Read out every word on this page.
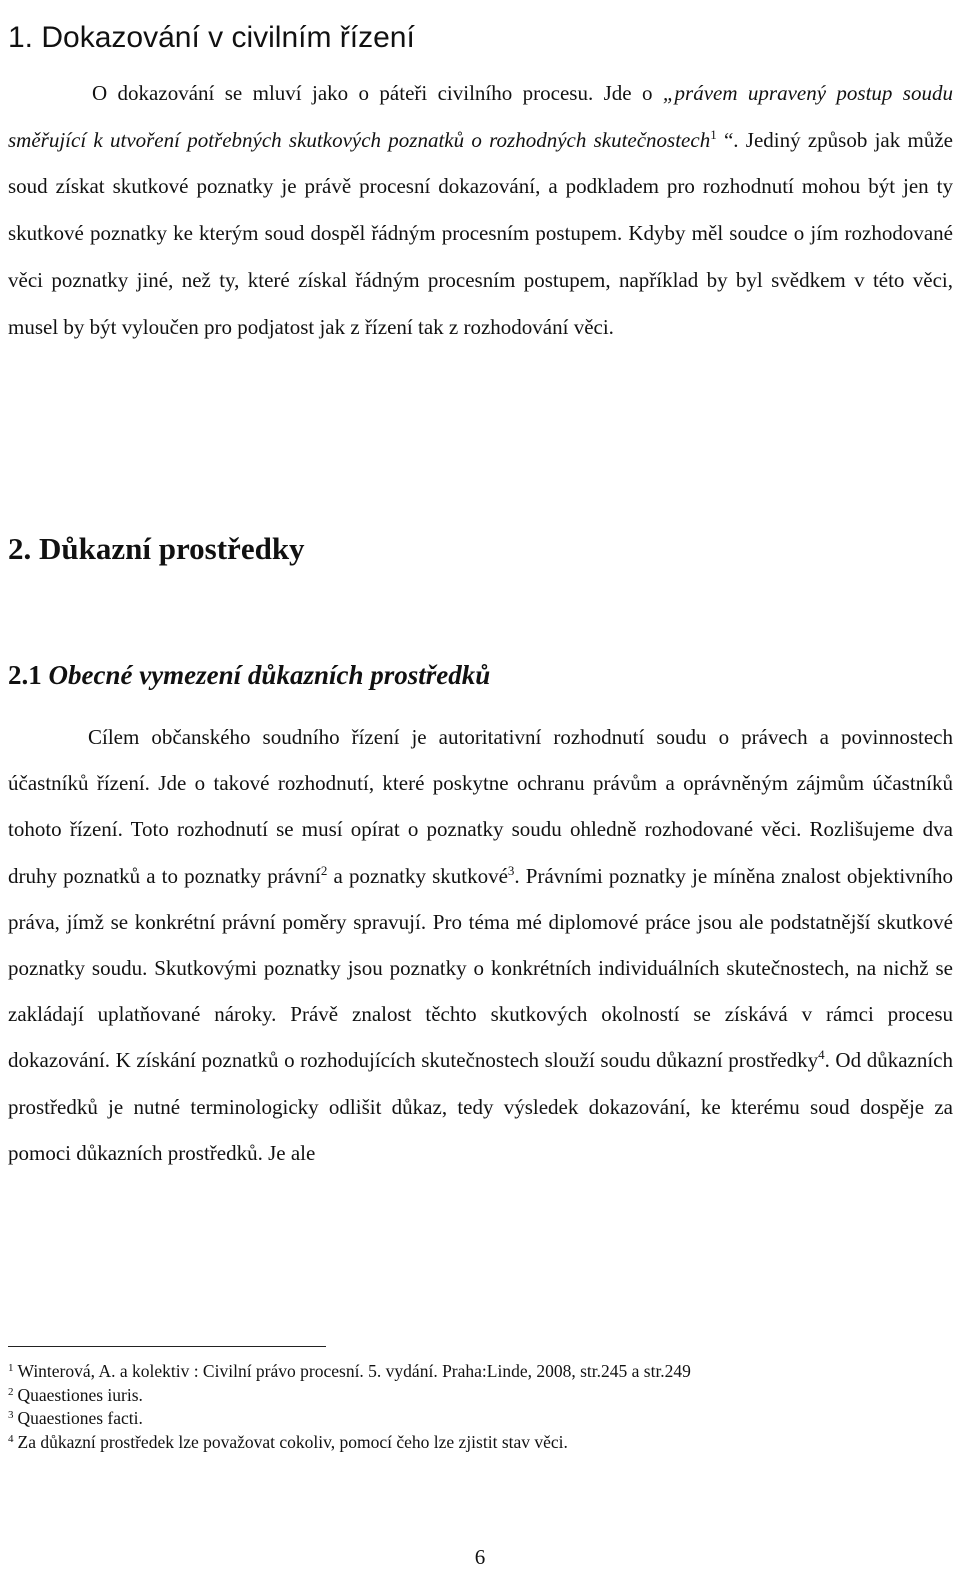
1. Dokazování v civilním řízení
O dokazování se mluví jako o páteři civilního procesu. Jde o „právem upravený postup soudu směřující k utvoření potřebných skutkových poznatků o rozhodných skutečnostech$^1$ “. Jediný způsob jak může soud získat skutkové poznatky je právě procesní dokazování, a podkladem pro rozhodnutí mohou být jen ty skutkové poznatky ke kterým soud dospěl řádným procesním postupem. Kdyby měl soudce o jím rozhodované věci poznatky jiné, než ty, které získal řádným procesním postupem, například by byl svědkem v této věci, musel by být vyloučen pro podjatost jak z řízení tak z rozhodování věci.
2. Důkazní prostředky
2.1 Obecné vymezení důkazních prostředků
Cílem občanského soudního řízení je autoritativní rozhodnutí soudu o právech a povinnostech účastníků řízení. Jde o takové rozhodnutí, které poskytne ochranu právům a oprávněným zájmům účastníků tohoto řízení. Toto rozhodnutí se musí opírat o poznatky soudu ohledně rozhodované věci. Rozlišujeme dva druhy poznatků a to poznatky právní$^2$ a poznatky skutkové$^3$. Právními poznatky je míněna znalost objektivního práva, jímž se konkrétní právní poměry spravují. Pro téma mé diplomové práce jsou ale podstatnější skutkové poznatky soudu. Skutkovými poznatky jsou poznatky o konkrétních individuálních skutečnostech, na nichž se zakládají uplatňované nároky. Právě znalost těchto skutkových okolností se získává v rámci procesu dokazování. K získání poznatků o rozhodujících skutečnostech slouží soudu důkazní prostředky$^4$. Od důkazních prostředků je nutné terminologicky odlišit důkaz, tedy výsledek dokazování, ke kterému soud dospěje za pomoci důkazních prostředků. Je ale
$^1$ Winterová, A. a kolektiv : Civilní právo procesní. 5. vydání. Praha:Linde, 2008, str.245 a str.249
$^2$ Quaestiones iuris.
$^3$ Quaestiones facti.
$^4$ Za důkazní prostředek lze považovat cokoliv, pomocí čeho lze zjistit stav věci.
6
